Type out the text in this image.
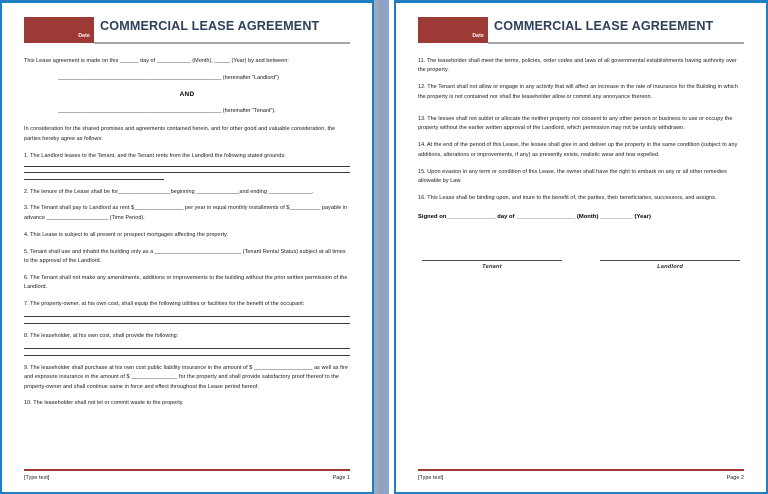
Date
COMMERCIAL LEASE AGREEMENT

This Lease agreement is made on this ______ day of ___________ (Month), _____ (Year) by and between:

______________________________________________________ (hereinafter "Landlord")

AND

______________________________________________________ (hereinafter "Tenant").

In consideration for the shared promises and agreements contained herein, and for other good and valuable consideration, the parties hereby agree as follows:

1. The Landlord leases to the Tenant, and the Tenant rents from the Landlord the following stated grounds:

2. The tenure of the Lease shall be for_________________beginning ______________and ending ______________.

3. The Tenant shall pay to Landlord as rent $________________ per year in equal monthly installments of $__________ payable in advance ____________________ (Time Period).

4. This Lease is subject to all present or prospect mortgages affecting the property.

5. Tenant shall use and inhabit the building only as a ____________________________ (Tenant Rental Status) subject at all times to the approval of the Landlord.

6. The Tenant shall not make any amendments, additions or improvements to the building without the prior written permission of the Landlord.

7. The property-owner, at his own cost, shall equip the following utilities or facilities for the benefit of the occupant:

8. The leaseholder, at his own cost, shall provide the following:

9. The leaseholder shall purchase at his own cost public liability insurance in the amount of $ ___________________ as well as fire and exposure insurance in the amount of $ _______________ for the property and shall provide satisfactory proof thereof to the property-owner and shall continue same in force and effect throughout the Lease period hereof.

10. The leaseholder shall not let or commit waste to the property.

[Type text]	Page 1
Date
COMMERCIAL LEASE AGREEMENT

11. The leaseholder shall meet the terms, policies, order codes and laws of all governmental establishments having authority over the property.

12. The Tenant shall not allow or engage in any activity that will affect an increase in the rate of insurance for the Building in which the property is not contained nor shall the leaseholder allow or commit any annoyance thereon.

13. The lessee shall not sublet or allocate the neither property nor consent to any other person or business to use or occupy the property without the earlier written approval of the Landlord, which permission may not be unduly withdrawn.

14. At the end of the period of this Lease, the lessee shall give in and deliver up the property in the same condition (subject to any additions, alterations or improvements, if any) as presently exists, realistic wear and tear expelled.

15. Upon evasion in any term or condition of this Lease, the owner shall have the right to embark on any or all other remedies allowable by Law.

16. This Lease shall be binding upon, and inure to the benefit of, the parties, their beneficiaries, successors, and assigns.

Signed on_______________ day of __________________ (Month) __________ (Year)

Tenant	Landlord
[Type text]	Page 2
